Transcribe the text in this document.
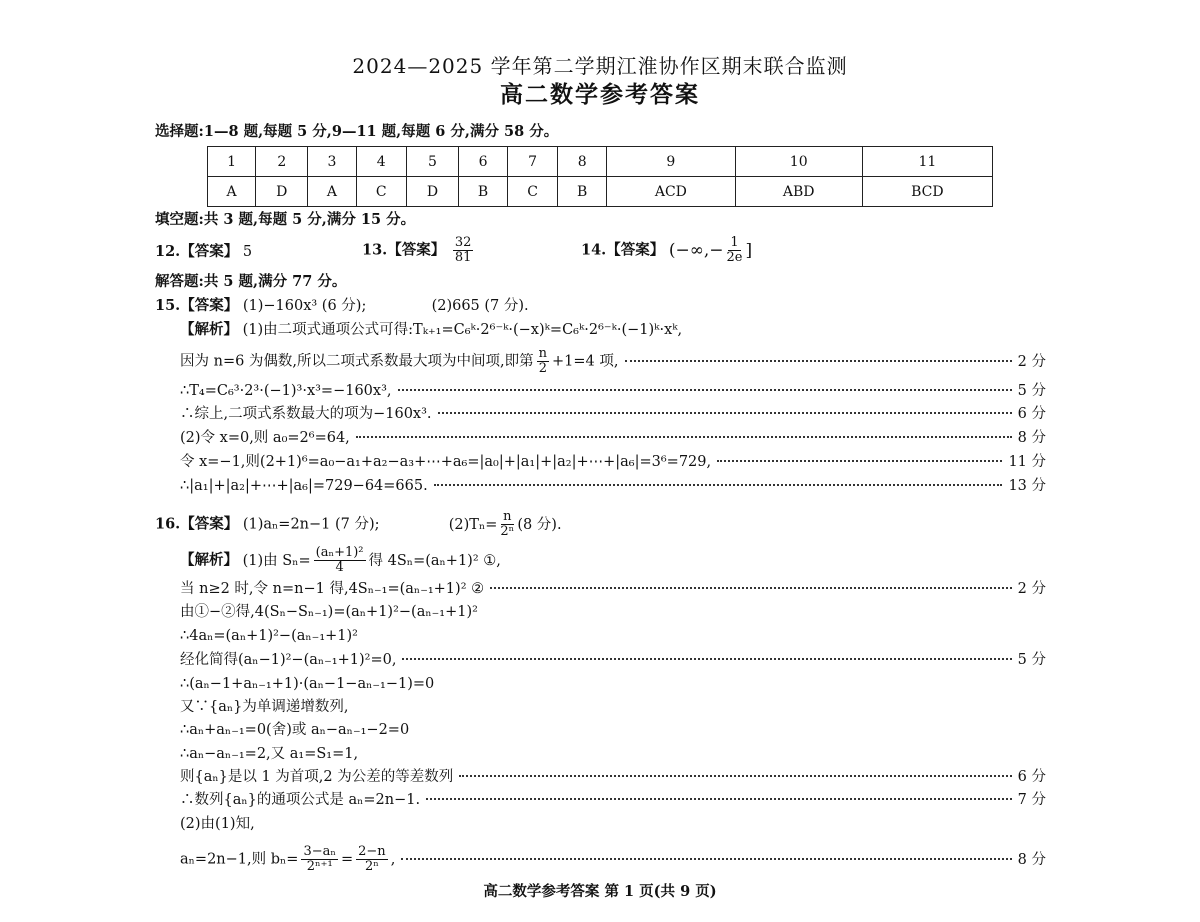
2024—2025 学年第二学期江淮协作区期末联合监测
高二数学参考答案
选择题:1—8 题,每题 5 分,9—11 题,每题 6 分,满分 58 分。
1	2	3	4	5	6	7	8	9	10	11
A	D	A	C	D	B	C	B	ACD	ABD	BCD
填空题:共 3 题,每题 5 分,满分 15 分。
12.【答案】 5	13.【答案】 $\frac{32}{81}$	14.【答案】 (−∞,− $\frac{1}{2e}$ ]
解答题:共 5 题,满分 77 分。
15.【答案】 (1)−160x³ (6 分);	(2)665 (7 分).
【解析】 (1)由二项式通项公式可得:Tₖ₊₁=C₆ᵏ·2⁶⁻ᵏ·(−x)ᵏ=C₆ᵏ·2⁶⁻ᵏ·(−1)ᵏ·xᵏ,
因为 n=6 为偶数,所以二项式系数最大项为中间项,即第 $\frac{n}{2} +1=4$ 项,	2 分
∴T₄=C₆³·2³·(−1)³·x³=−160x³,	5 分
∴综上,二项式系数最大的项为−160x³.	6 分
(2)令 x=0,则 a₀=2⁶=64,	8 分
令 x=−1,则(2+1)⁶=a₀−a₁+a₂−a₃+⋯+a₆=|a₀|+|a₁|+|a₂|+⋯+|a₆|=3⁶=729,	11 分
∴|a₁|+|a₂|+⋯+|a₆|=729−64=665.	13 分
16.【答案】 (1)aₙ=2n−1 (7 分);	$(2)T_n= \frac{n}{\text{2ⁿ}} (8$ 分).
【解析】 (1)由 $S_n= \frac{\text{(aₙ+1)²}}{4}$ 得 4Sₙ=(aₙ+1)² ①,
当 n≥2 时,令 n=n−1 得,4Sₙ₋₁=(aₙ₋₁+1)² ②	2 分
由①−②得,4(Sₙ−Sₙ₋₁)=(aₙ+1)²−(aₙ₋₁+1)²
∴4aₙ=(aₙ+1)²−(aₙ₋₁+1)²
经化简得(aₙ−1)²−(aₙ₋₁+1)²=0,	5 分
∴(aₙ−1+aₙ₋₁+1)·(aₙ−1−aₙ₋₁−1)=0
又∵{aₙ}为单调递增数列,
∴aₙ+aₙ₋₁=0(舍)或 aₙ−aₙ₋₁−2=0
∴aₙ−aₙ₋₁=2,又 a₁=S₁=1,
则{aₙ}是以 1 为首项,2 为公差的等差数列	6 分
∴数列{aₙ}的通项公式是 aₙ=2n−1.	7 分
(2)由(1)知,
aₙ=2n−1,则 $b_n= \frac{\text{3−aₙ}}{\text{2ⁿ⁺¹}} = \frac{2-n}{\text{2ⁿ}}$ ,	8 分
高二数学参考答案 第 1 页(共 9 页)
